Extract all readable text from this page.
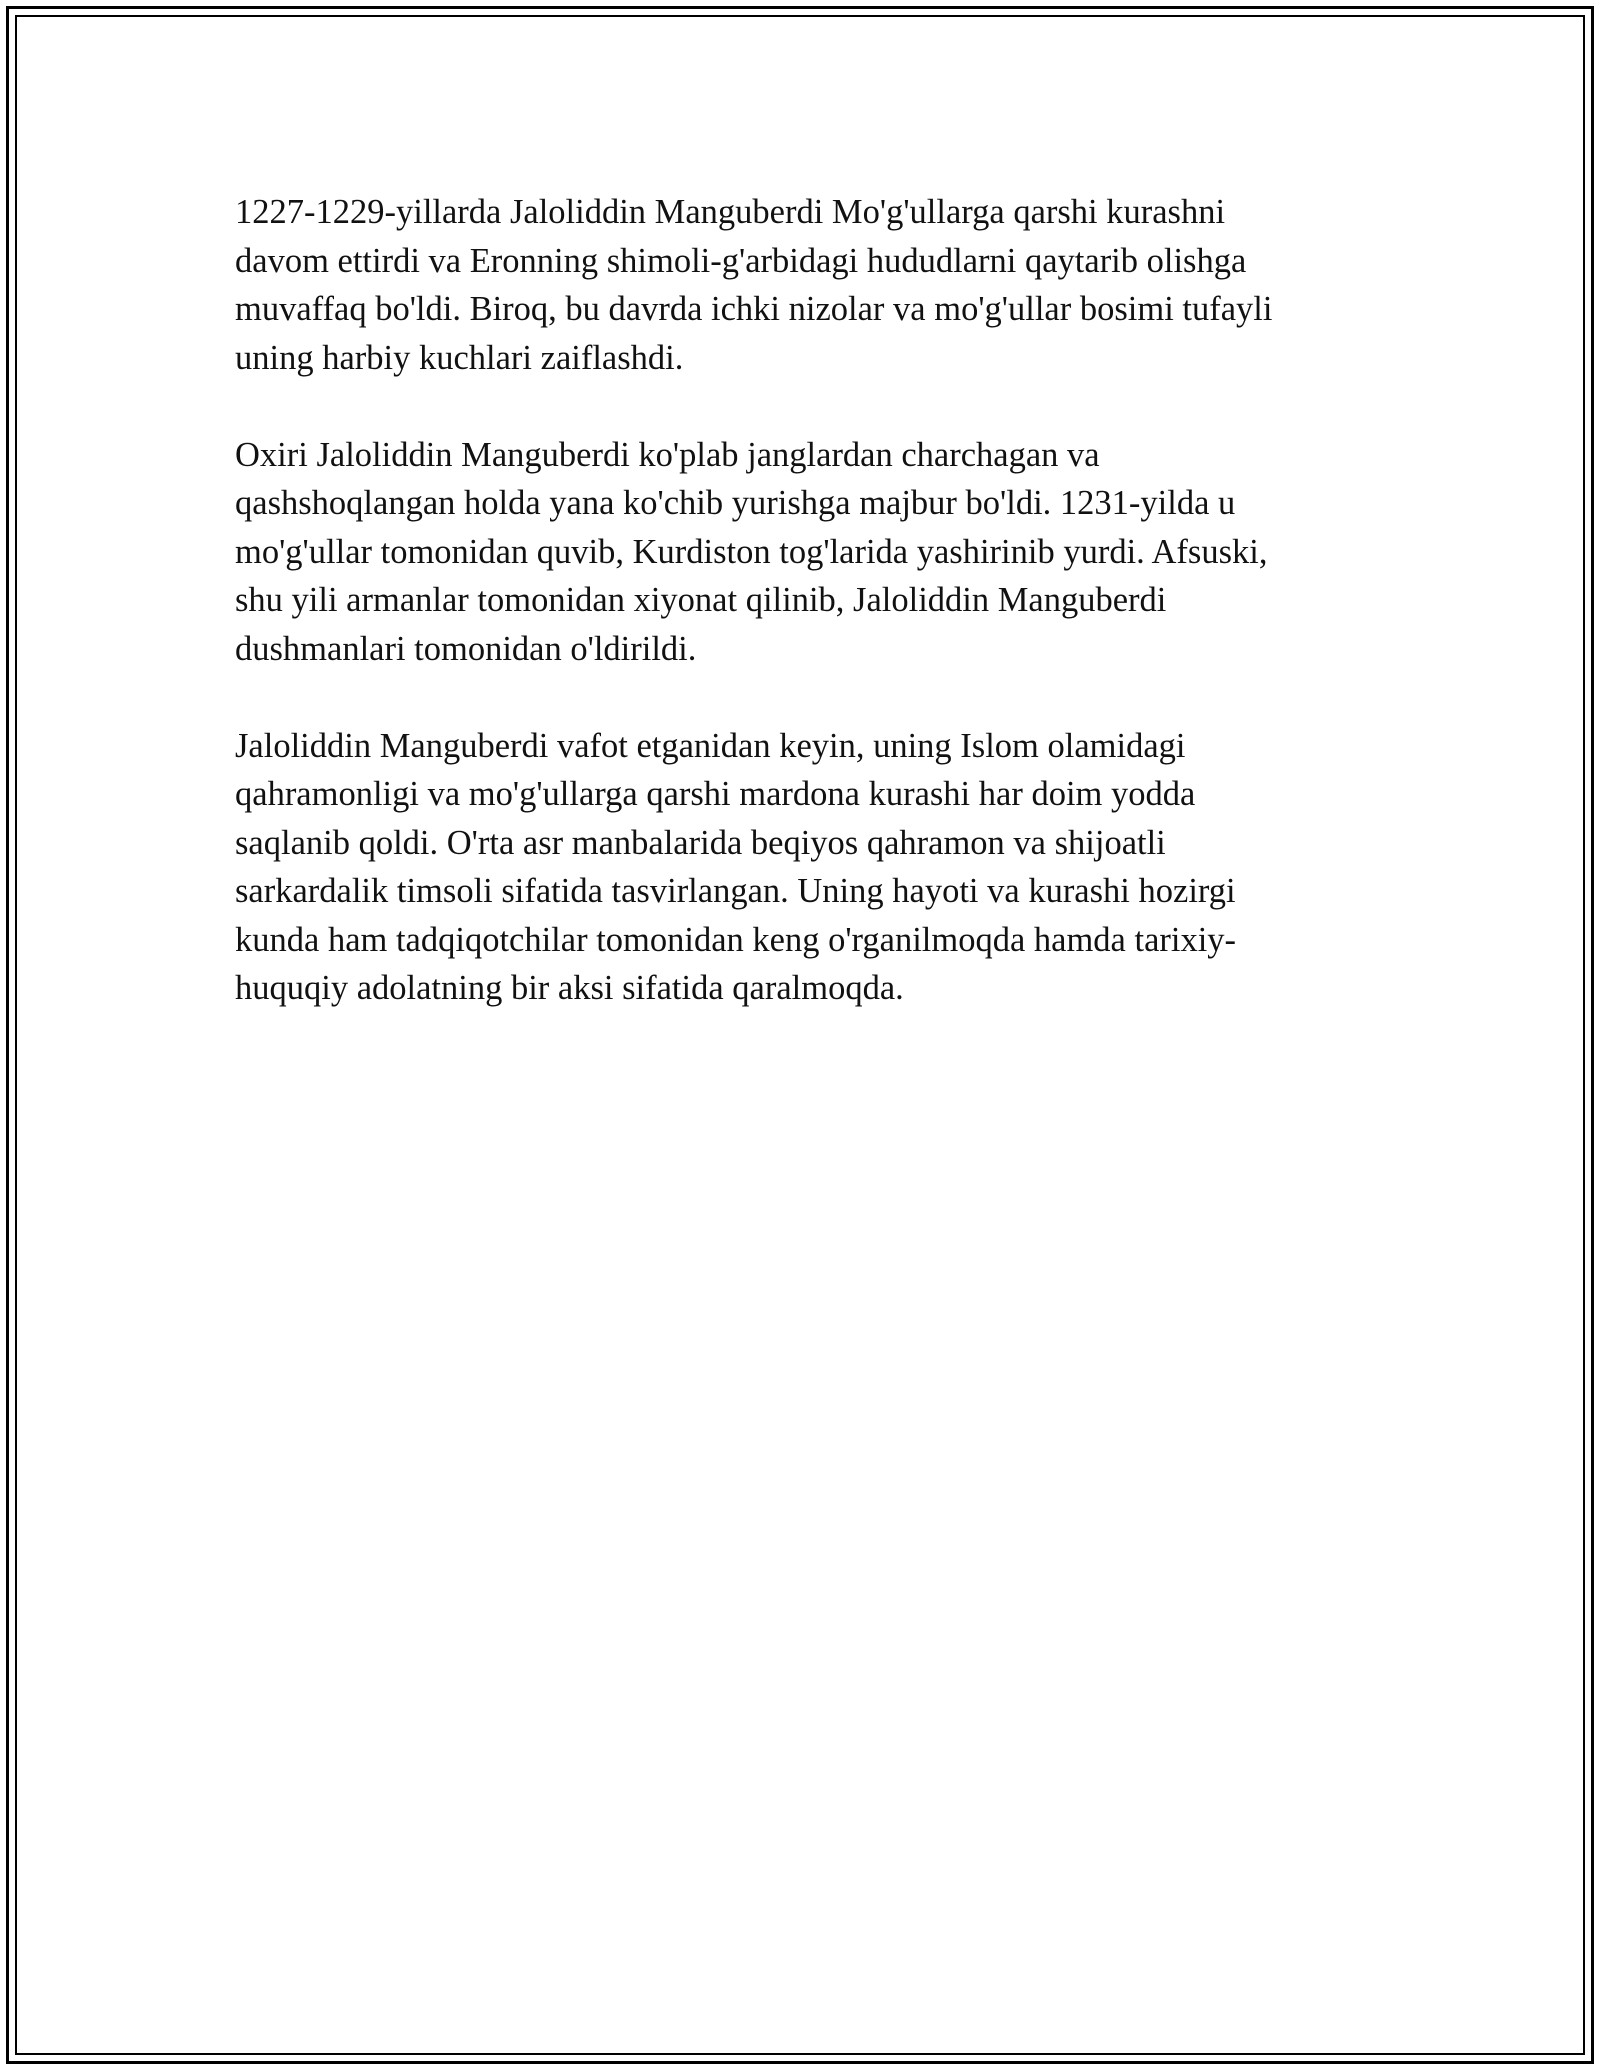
1227-1229-yillarda Jaloliddin Manguberdi Mo'g'ullarga qarshi kurashni
davom ettirdi va Eronning shimoli-g'arbidagi hududlarni qaytarib olishga
muvaffaq bo'ldi. Biroq, bu davrda ichki nizolar va mo'g'ullar bosimi tufayli
uning harbiy kuchlari zaiflashdi.

Oxiri Jaloliddin Manguberdi ko'plab janglardan charchagan va
qashshoqlangan holda yana ko'chib yurishga majbur bo'ldi. 1231-yilda u
mo'g'ullar tomonidan quvib, Kurdiston tog'larida yashirinib yurdi. Afsuski,
shu yili armanlar tomonidan xiyonat qilinib, Jaloliddin Manguberdi
dushmanlari tomonidan o'ldirildi.

Jaloliddin Manguberdi vafot etganidan keyin, uning Islom olamidagi
qahramonligi va mo'g'ullarga qarshi mardona kurashi har doim yodda
saqlanib qoldi. O'rta asr manbalarida beqiyos qahramon va shijoatli
sarkardalik timsoli sifatida tasvirlangan. Uning hayoti va kurashi hozirgi
kunda ham tadqiqotchilar tomonidan keng o'rganilmoqda hamda tarixiy-
huquqiy adolatning bir aksi sifatida qaralmoqda.
